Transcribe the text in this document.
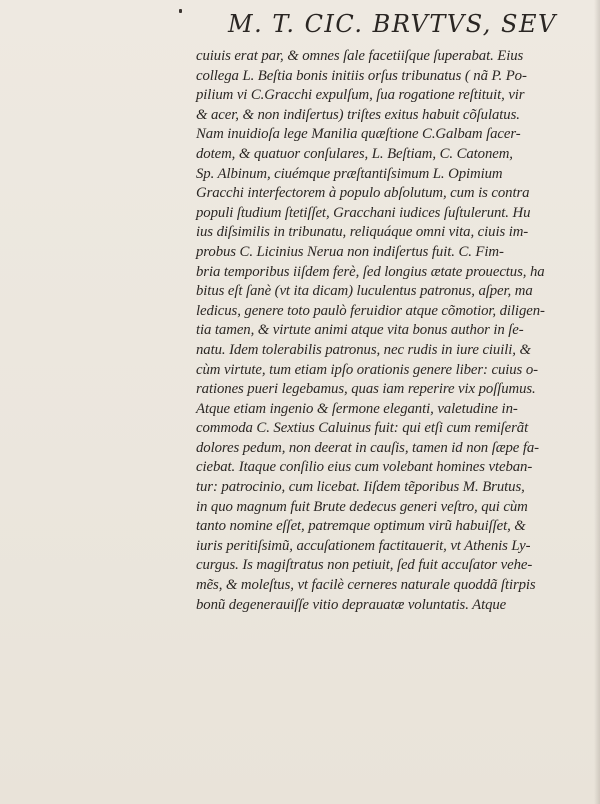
M. T. CIC. BRVTVS, SEV
cuiuis erat par, & omnes ſale facetiiſque ſuperabat. Eius
collega L. Beſtia bonis initiis orſus tribunatus ( nã P. Po-
pilium vi C.Gracchi expulſum, ſua rogatione reſtituit, vir
& acer, & non indiſertus) triſtes exitus habuit cõſulatus.
Nam inuidioſa lege Manilia quæſtione C.Galbam ſacer-
dotem, & quatuor conſulares, L. Beſtiam, C. Catonem,
Sp. Albinum, ciuémque præſtantiſsimum L. Opimium
Gracchi interfectorem à populo abſolutum, cum is contra
populi ſtudium ſtetiſſet, Gracchani iudices ſuſtulerunt. Hu
ius diſsimilis in tribunatu, reliquáque omni vita, ciuis im-
probus C. Licinius Nerua non indiſertus fuit. C. Fim-
bria temporibus iiſdem ferè, ſed longius ætate prouectus, ha
bitus eſt ſanè (vt ita dicam) luculentus patronus, aſper, ma
ledicus, genere toto paulò feruidior atque cõmotior, diligen-
tia tamen, & virtute animi atque vita bonus author in ſe-
natu. Idem tolerabilis patronus, nec rudis in iure ciuili, &
cùm virtute, tum etiam ipſo orationis genere liber: cuius o-
rationes pueri legebamus, quas iam reperire vix poſſumus.
Atque etiam ingenio & ſermone eleganti, valetudine in-
commoda C. Sextius Caluinus fuit: qui etſi cum remiſerãt
dolores pedum, non deerat in cauſis, tamen id non ſæpe fa-
ciebat. Itaque conſilio eius cum volebant homines vteban-
tur: patrocinio, cum licebat. Iiſdem tẽporibus M. Brutus,
in quo magnum fuit Brute dedecus generi veſtro, qui cùm
tanto nomine eſſet, patremque optimum virũ habuiſſet, &
iuris peritiſsimũ, accuſationem factitauerit, vt Athenis Ly-
curgus. Is magiſtratus non petiuit, ſed fuit accuſator vehe-
mẽs, & moleſtus, vt facilè cerneres naturale quoddã ſtirpis
bonũ degenerauiſſe vitio deprauatæ voluntatis. Atque
